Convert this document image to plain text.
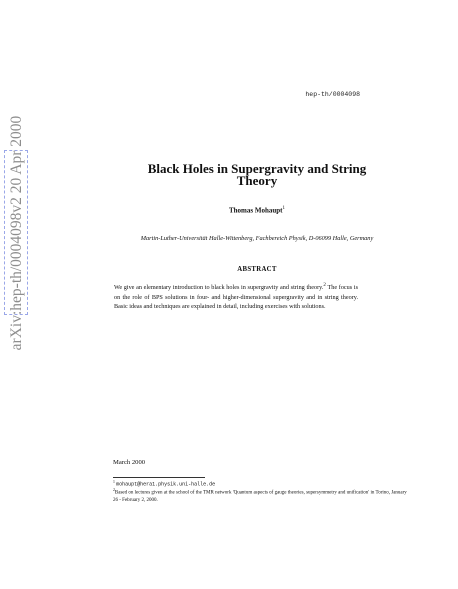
arXiv:hep-th/0004098v2 20 Apr 2000
hep-th/0004098
Black Holes in Supergravity and String
Theory
Thomas Mohaupt$^1$
Martin-Luther-Universität Halle-Wittenberg, Fachbereich Physik, D-06099 Halle, Germany
ABSTRACT
We give an elementary introduction to black holes in supergravity and string theory.$^2$ The focus is on the role of BPS solutions in four- and higher-dimensional supergravity and in string theory. Basic ideas and techniques are explained in detail, including exercises with solutions.
March 2000
$^1$ mohaupt@hera1.physik.uni-halle.de
$^2$Based on lectures given at the school of the TMR network 'Quantum aspects of gauge theories, supersymmetry and unification' in Torino, January 26 - February 2, 2000.
